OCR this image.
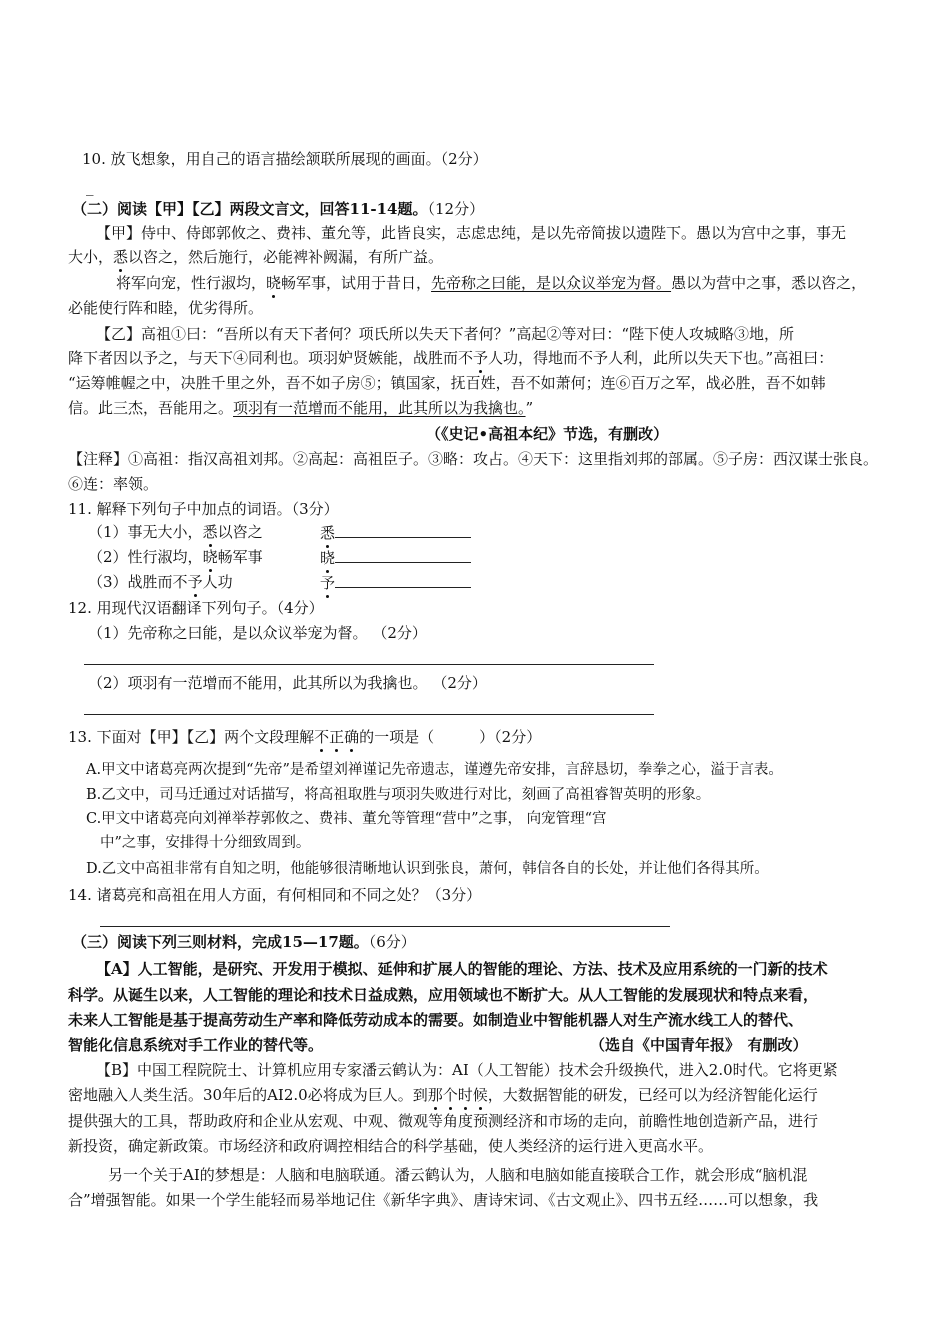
10. 放飞想象，用自己的语言描绘颔联所展现的画面。（2分）
_
（二）阅读【甲】【乙】两段文言文，回答11-14题。（12分）
【甲】侍中、侍郎郭攸之、费祎、董允等，此皆良实，志虑忠纯，是以先帝简拔以遗陛下。愚以为宫中之事，事无
大小，悉以咨之，然后施行，必能裨补阙漏，有所广益。
将军向宠，性行淑均，晓畅军事，试用于昔日，先帝称之曰能，是以众议举宠为督。愚以为营中之事，悉以咨之，
必能使行阵和睦，优劣得所。
【乙】高祖①曰：“吾所以有天下者何？项氏所以失天下者何？”高起②等对曰：“陛下使人攻城略③地，所
降下者因以予之，与天下④同利也。项羽妒贤嫉能，战胜而不予人功，得地而不予人利，此所以失天下也。”高祖曰：
“运筹帷幄之中，决胜千里之外，吾不如子房⑤；镇国家，抚百姓，吾不如萧何；连⑥百万之军，战必胜，吾不如韩
信。此三杰，吾能用之。项羽有一范增而不能用，此其所以为我擒也。”
（《史记•高祖本纪》节选，有删改）
【注释】①高祖：指汉高祖刘邦。②高起：高祖臣子。③略：攻占。④天下：这里指刘邦的部属。⑤子房：西汉谋士张良。
⑥连：率领。
11. 解释下列句子中加点的词语。（3分）
（1）事无大小，悉以咨之	悉
（2）性行淑均，晓畅军事	晓
（3）战胜而不予人功	予
12. 用现代汉语翻译下列句子。（4分）
（1）先帝称之曰能，是以众议举宠为督。 （2分）
（2）项羽有一范增而不能用，此其所以为我擒也。 （2分）
13. 下面对【甲】【乙】两个文段理解不正确的一项是（　　　）（2分）
A.甲文中诸葛亮两次提到“先帝”是希望刘禅谨记先帝遗志，谨遵先帝安排，言辞恳切，拳拳之心，溢于言表。
B.乙文中，司马迁通过对话描写，将高祖取胜与项羽失败进行对比，刻画了高祖睿智英明的形象。
C.甲文中诸葛亮向刘禅举荐郭攸之、费祎、董允等管理“营中”之事， 向宠管理“宫
中”之事，安排得十分细致周到。
D.乙文中高祖非常有自知之明，他能够很清晰地认识到张良，萧何，韩信各自的长处，并让他们各得其所。
14. 诸葛亮和高祖在用人方面，有何相同和不同之处？（3分）
（三）阅读下列三则材料，完成15—17题。（6分）
【A】人工智能，是研究、开发用于模拟、延伸和扩展人的智能的理论、方法、技术及应用系统的一门新的技术
科学。从诞生以来，人工智能的理论和技术日益成熟，应用领域也不断扩大。从人工智能的发展现状和特点来看，
未来人工智能是基于提高劳动生产率和降低劳动成本的需要。如制造业中智能机器人对生产流水线工人的替代、
智能化信息系统对手工作业的替代等。	（选自《中国青年报》　有删改）
【B】中国工程院院士、计算机应用专家潘云鹤认为：AI（人工智能）技术会升级换代，进入2.0时代。它将更紧
密地融入人类生活。30年后的AI2.0必将成为巨人。到那个时候，大数据智能的研发，已经可以为经济智能化运行
提供强大的工具，帮助政府和企业从宏观、中观、微观等角度预测经济和市场的走向，前瞻性地创造新产品，进行
新投资，确定新政策。市场经济和政府调控相结合的科学基础，使人类经济的运行进入更高水平。
另一个关于AI的梦想是：人脑和电脑联通。潘云鹤认为，人脑和电脑如能直接联合工作，就会形成“脑机混
合”增强智能。如果一个学生能轻而易举地记住《新华字典》、唐诗宋词、《古文观止》、四书五经……可以想象，我
